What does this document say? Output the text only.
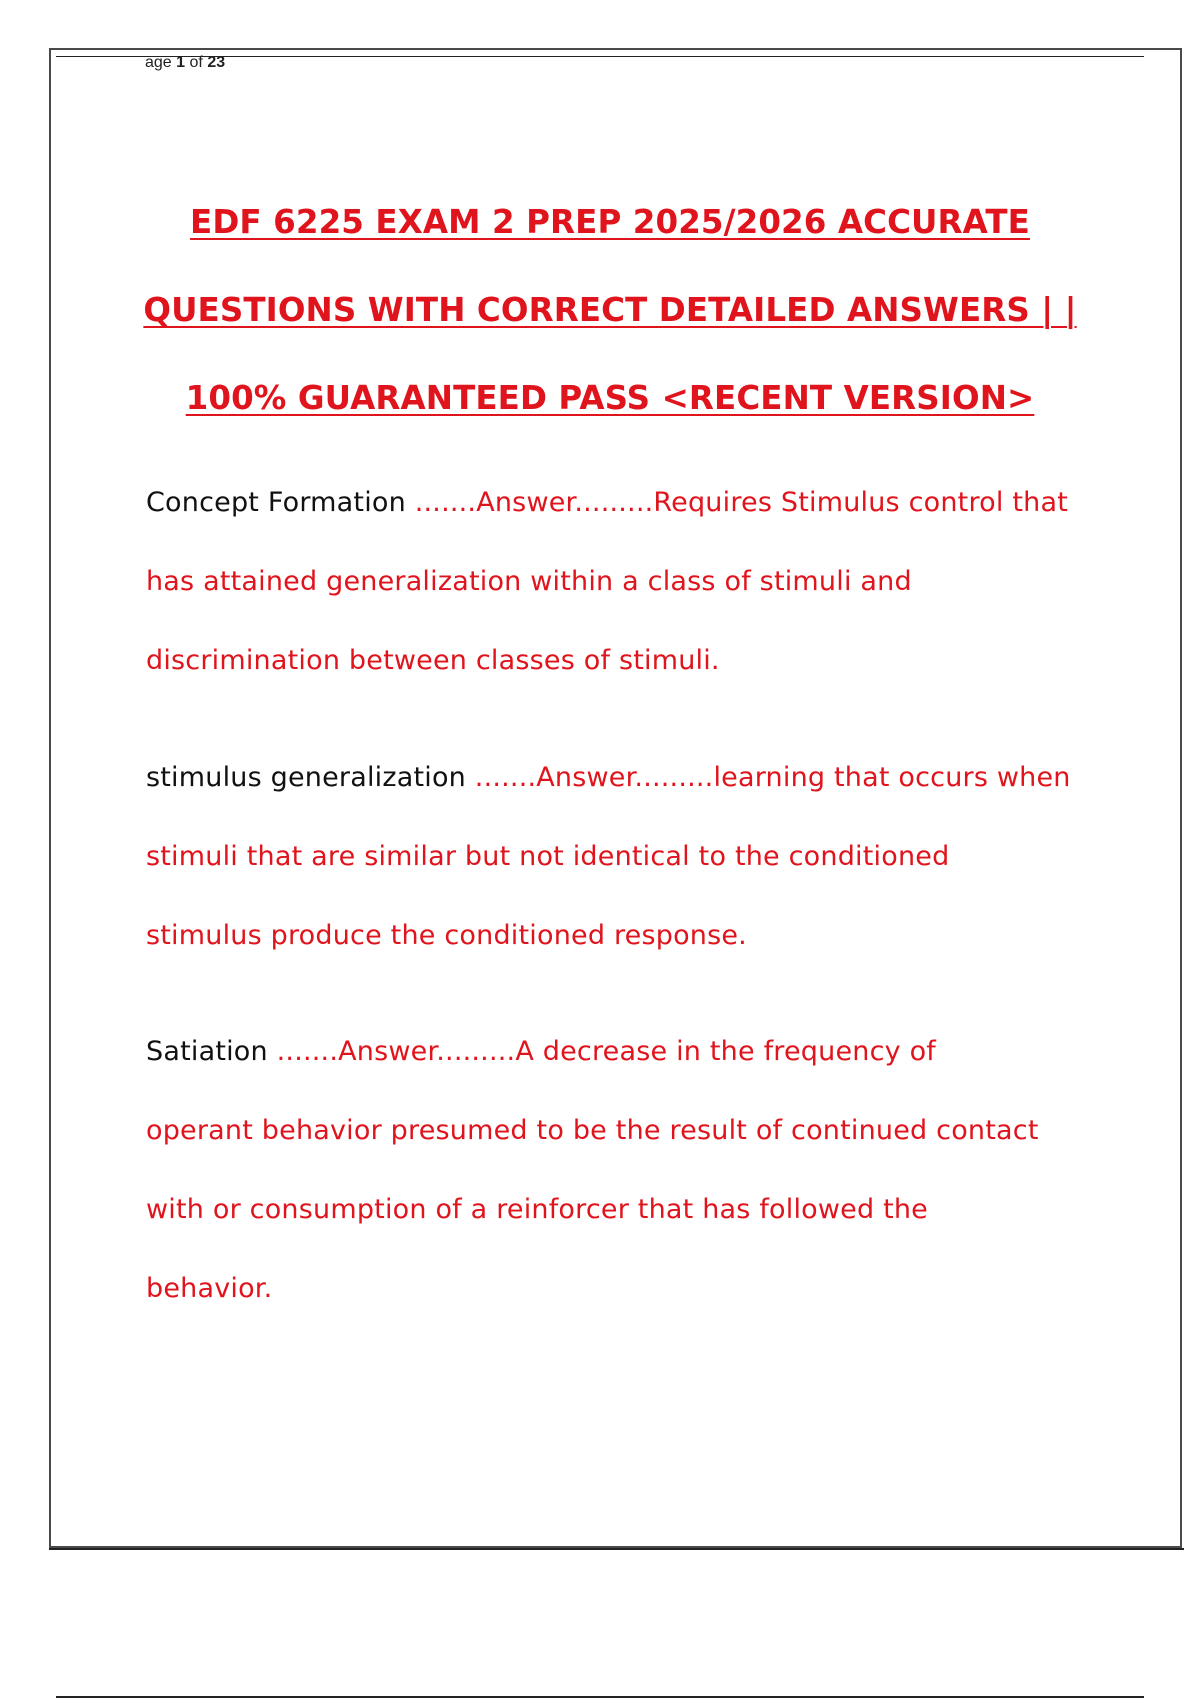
age 1 of 23
EDF 6225 EXAM 2 PREP 2025/2026 ACCURATE
QUESTIONS WITH CORRECT DETAILED ANSWERS | |
100% GUARANTEED PASS <RECENT VERSION>
Concept Formation .......Answer.........Requires Stimulus control that
has attained generalization within a class of stimuli and
discrimination between classes of stimuli.
stimulus generalization .......Answer.........learning that occurs when
stimuli that are similar but not identical to the conditioned
stimulus produce the conditioned response.
Satiation .......Answer.........A decrease in the frequency of
operant behavior presumed to be the result of continued contact
with or consumption of a reinforcer that has followed the
behavior.
